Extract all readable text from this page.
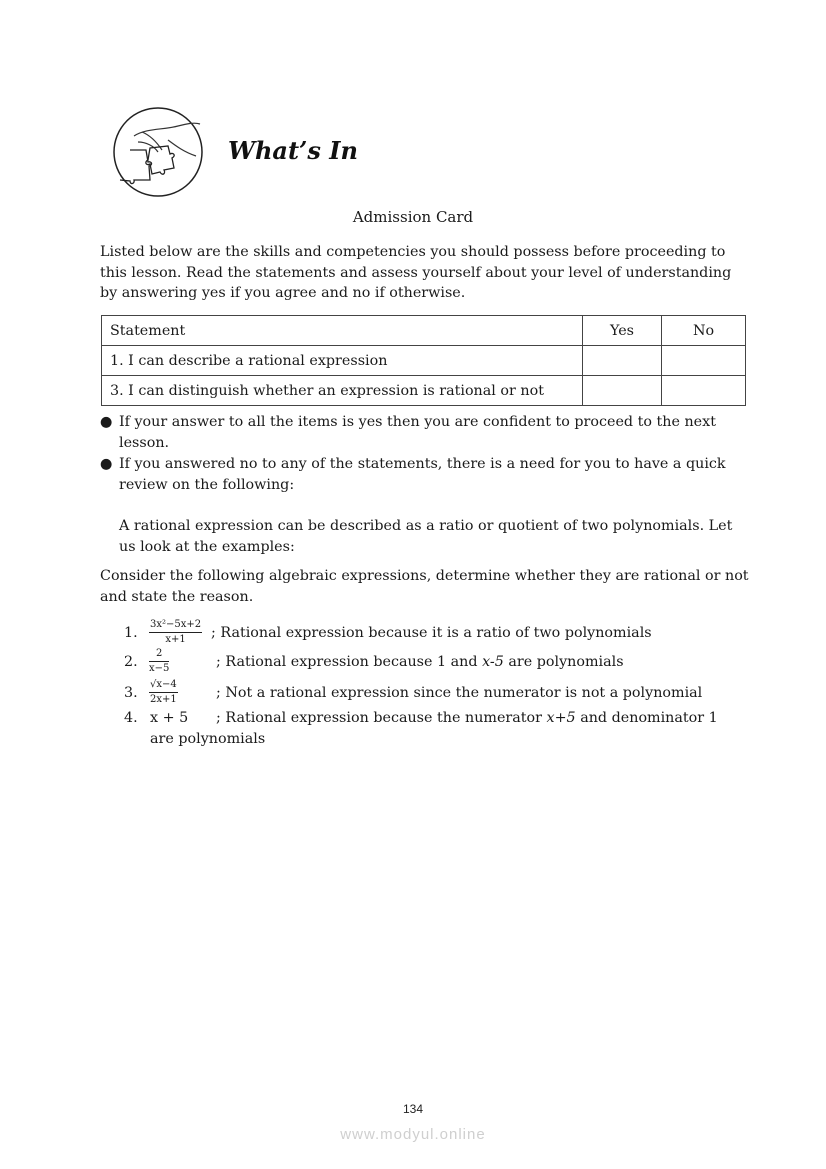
What’s In
Admission Card
Listed below are the skills and competencies you should possess before proceeding to this lesson. Read the statements and assess yourself about your level of understanding by answering yes if you agree and no if otherwise.
Statement	Yes	No
1. I can describe a rational expression		
3. I can distinguish whether an expression is rational or not		
● If your answer to all the items is yes then you are confident to proceed to the next lesson.
● If you answered no to any of the statements, there is a need for you to have a quick review on the following:
A rational expression can be described as a ratio or quotient of two polynomials. Let us look at the examples:
Consider the following algebraic expressions, determine whether they are rational or not and state the reason.
1. $\frac{\text{3x²−5x+2}}{x+1}$ ; Rational expression because it is a ratio of two polynomials
2. $\frac{2}{x-5}$	; Rational expression because 1 and x-5 are polynomials
3. $\frac{√x-4}{2x+1}$	; Not a rational expression since the numerator is not a polynomial
4. x + 5 ; Rational expression because the numerator x+5 and denominator 1
are polynomials
134
www.modyul.online
